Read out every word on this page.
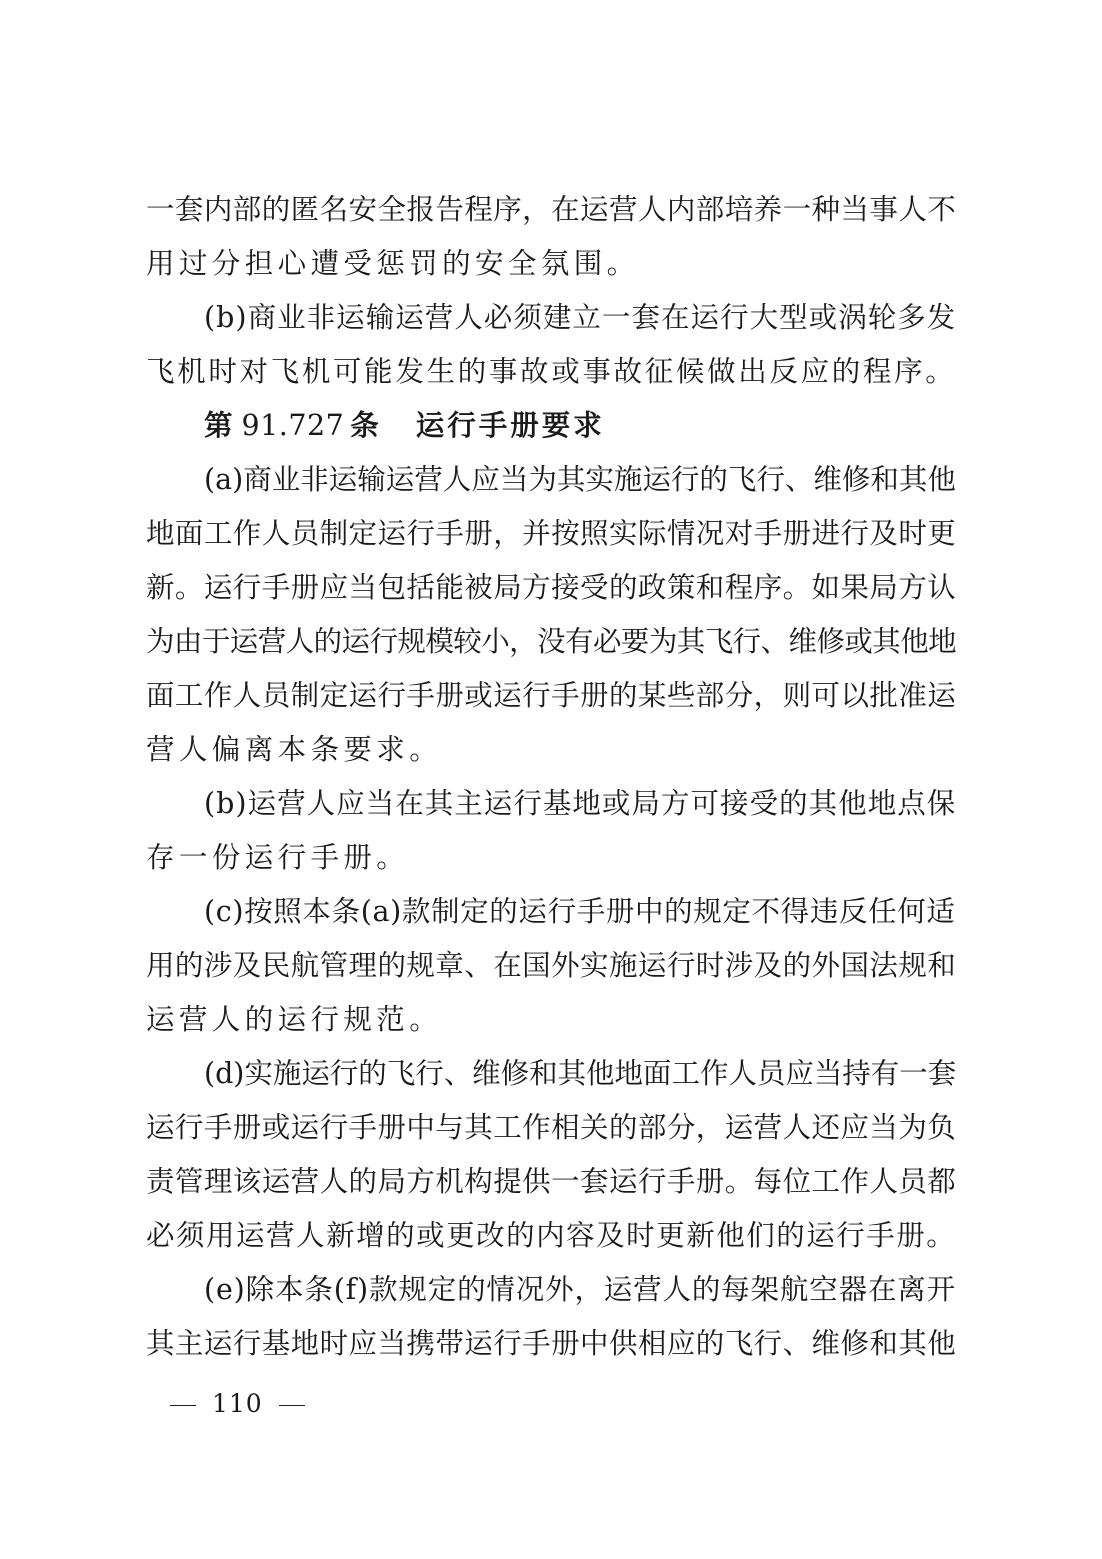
一套内部的匿名安全报告程序，在运营人内部培养一种当事人不
用过分担心遭受惩罚的安全氛围。
(b)商业非运输运营人必须建立一套在运行大型或涡轮多发
飞机时对飞机可能发生的事故或事故征候做出反应的程序。
第 91.727 条 运行手册要求
(a)商业非运输运营人应当为其实施运行的飞行、维修和其他
地面工作人员制定运行手册，并按照实际情况对手册进行及时更
新。运行手册应当包括能被局方接受的政策和程序。如果局方认
为由于运营人的运行规模较小，没有必要为其飞行、维修或其他地
面工作人员制定运行手册或运行手册的某些部分，则可以批准运
营人偏离本条要求。
(b)运营人应当在其主运行基地或局方可接受的其他地点保
存一份运行手册。
(c)按照本条(a)款制定的运行手册中的规定不得违反任何适
用的涉及民航管理的规章、在国外实施运行时涉及的外国法规和
运营人的运行规范。
(d)实施运行的飞行、维修和其他地面工作人员应当持有一套
运行手册或运行手册中与其工作相关的部分，运营人还应当为负
责管理该运营人的局方机构提供一套运行手册。每位工作人员都
必须用运营人新增的或更改的内容及时更新他们的运行手册。
(e)除本条(f)款规定的情况外，运营人的每架航空器在离开
其主运行基地时应当携带运行手册中供相应的飞行、维修和其他
110
